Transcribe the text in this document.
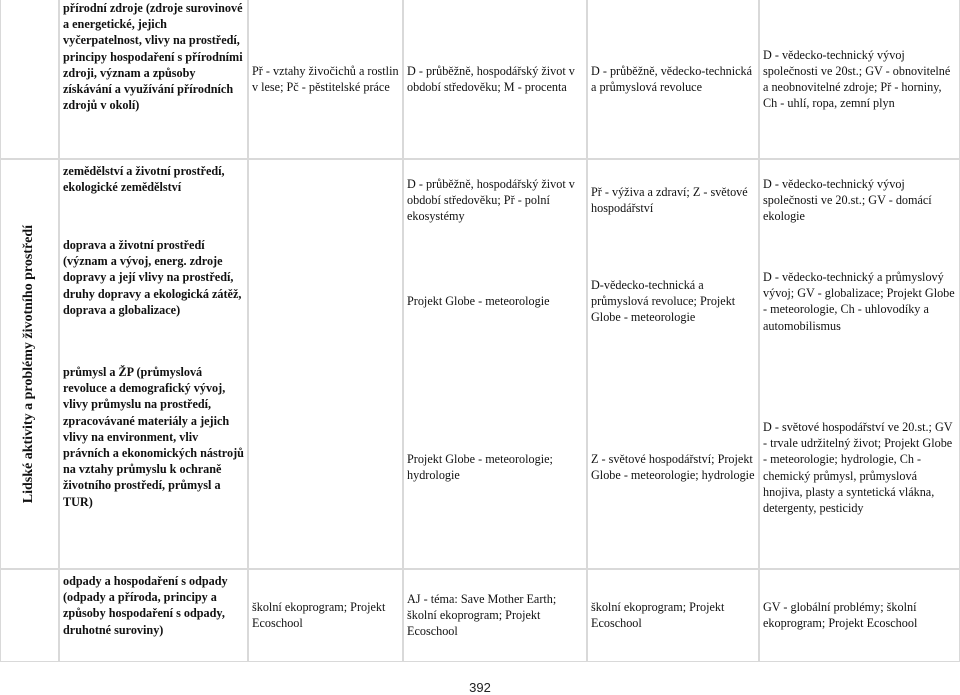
přírodní zdroje (zdroje surovinové a energetické, jejich vyčerpatelnost, vlivy na prostředí, principy hospodaření s přírodními zdroji, význam a způsoby získávání a využívání přírodních zdrojů v okolí)
Př - vztahy živočichů a rostlin v lese; Pč - pěstitelské práce
D - průběžně, hospodářský život v období středověku; M - procenta
D - průběžně, vědecko-technická a průmyslová revoluce
D - vědecko-technický vývoj společnosti ve 20st.; GV - obnovitelné a neobnovitelné zdroje; Př - horniny, Ch - uhlí, ropa, zemní plyn
Lidské aktivity a problémy životního prostředí
zemědělství a životní prostředí, ekologické zemědělství
doprava a životní prostředí (význam a vývoj, energ. zdroje dopravy a její vlivy na prostředí, druhy dopravy a ekologická zátěž, doprava a globalizace)
průmysl a ŽP (průmyslová revoluce a demografický vývoj, vlivy průmyslu na prostředí, zpracovávané materiály a jejich vlivy na environment, vliv právních a ekonomických nástrojů na vztahy průmyslu k ochraně životního prostředí, průmysl a TUR)
D - průběžně, hospodářský život v období středověku; Př - polní ekosystémy
Projekt Globe - meteorologie
Projekt Globe - meteorologie; hydrologie
Př - výživa a zdraví; Z - světové hospodářství
D-vědecko-technická a průmyslová revoluce; Projekt Globe - meteorologie
Z - světové hospodářství; Projekt Globe - meteorologie; hydrologie
D - vědecko-technický vývoj společnosti ve 20.st.; GV - domácí ekologie
D - vědecko-technický a průmyslový vývoj; GV - globalizace; Projekt Globe - meteorologie, Ch - uhlovodíky a automobilismus
D - světové hospodářství ve 20.st.; GV - trvale udržitelný život; Projekt Globe - meteorologie; hydrologie, Ch - chemický průmysl, průmyslová hnojiva, plasty a syntetická vlákna, detergenty, pesticidy
odpady a hospodaření s odpady (odpady a příroda, principy a způsoby hospodaření s odpady, druhotné suroviny)
školní ekoprogram; Projekt Ecoschool
AJ - téma: Save Mother Earth; školní ekoprogram; Projekt Ecoschool
školní ekoprogram; Projekt Ecoschool
GV - globální problémy; školní ekoprogram; Projekt Ecoschool
392
